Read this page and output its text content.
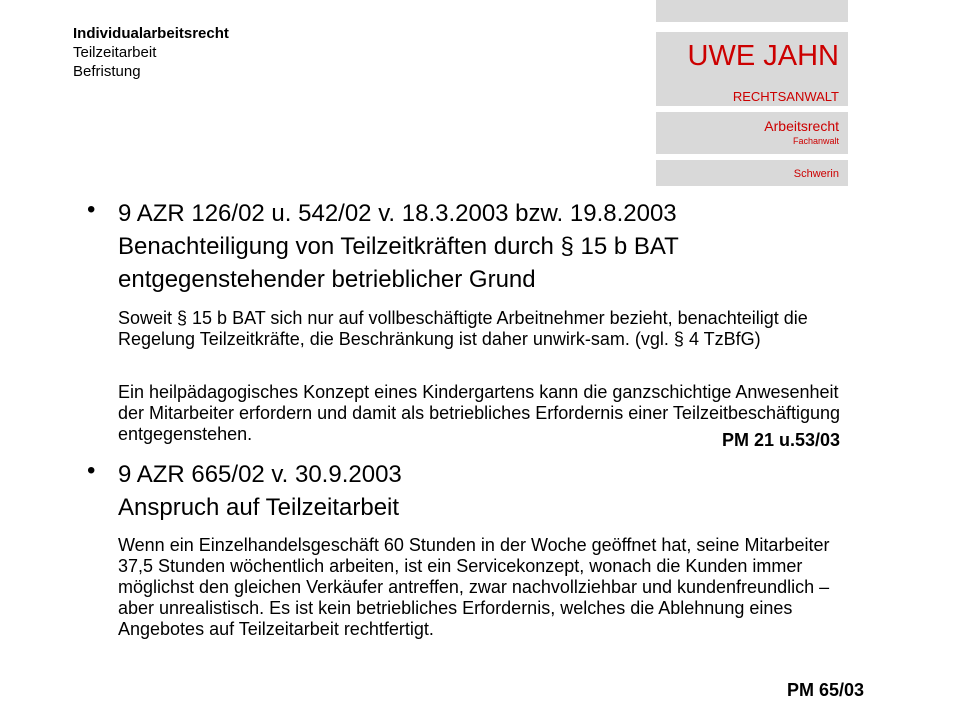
Individualarbeitsrecht
Teilzeitarbeit
Befristung	UWE JAHN
RECHTSANWALT
Arbeitsrecht
Fachanwalt
Schwerin
• 9 AZR 126/02 u. 542/02 v. 18.3.2003 bzw. 19.8.2003
Benachteiligung von Teilzeitkräften durch § 15 b BAT
entgegenstehender betrieblicher Grund
Soweit § 15 b BAT sich nur auf vollbeschäftigte Arbeitnehmer bezieht, benachteiligt die Regelung Teilzeitkräfte, die Beschränkung ist daher unwirk-sam. (vgl. § 4 TzBfG)
Ein heilpädagogisches Konzept eines Kindergartens kann die ganzschichtige Anwesenheit der Mitarbeiter erfordern und damit als betriebliches Erfordernis einer Teilzeitbeschäftigung entgegenstehen.	PM 21 u.53/03
• 9 AZR 665/02 v. 30.9.2003
Anspruch auf Teilzeitarbeit
Wenn ein Einzelhandelsgeschäft 60 Stunden in der Woche geöffnet hat, seine Mitarbeiter 37,5 Stunden wöchentlich arbeiten, ist ein Servicekonzept, wonach die Kunden immer möglichst den gleichen Verkäufer antreffen, zwar nachvollziehbar und kundenfreundlich – aber unrealistisch. Es ist kein betriebliches Erfordernis, welches die Ablehnung eines Angebotes auf Teilzeitarbeit rechtfertigt.
PM 65/03
